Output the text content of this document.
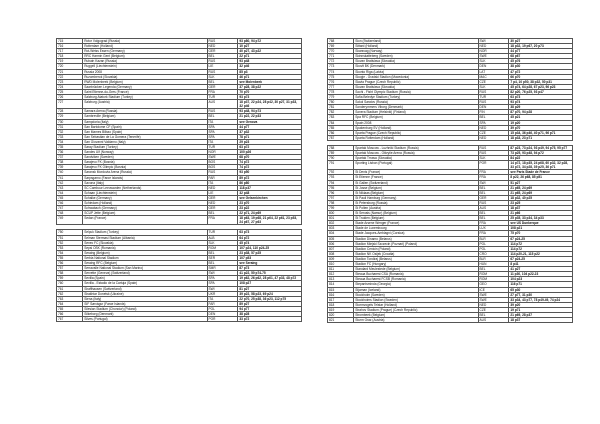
715	Rotor Volgograd (Russia)	RUS	93 p80, 94 p72
716	Rotterdam (Holland)	NED	10 p27
717	Rot-Weiss Essen (Germany)	GER	40 p27, 43 p22
718	RRC Harmin Gent (Belgium)	BEL	22 p71
719	Rubain Kazan (Russia)	RUS	93 p48
720	Ruggell (Liechtenstein)	LIE	32 p46
721	Russia 2008	RUS	85 p3
722	Ruzomberok (Slovakia)	SLK	46 p71
723	RWD Molenbeek (Belgium)	BEL	see Molenbeek
724	Saarbrücken Legenda (Germany)	GER	37 p28, 38 p22
725	Saint Etienne-du-Gres (France)	FRA	70 p70
726	Salzburg Ataturk Stadium (Turkey)	TUR	93 p73
727	Salzburg (Austria)	AUS	18 p37, 22 p24, 28 p42, 30 p27, 31 p33, 32 p46
728	Samara Arena (Russia)	RUS	93 p48, 94 p73
729	Sambreville (Belgium)	BEL	21 p22, 22 p33
730	Sampdoria (Italy)	ITA	see Genova
731	San Bartolome CF (Spain)	SPA	44 p77
732	San Mames Bilbao (Spain)	SPA	37 p32
733	San Sebastian de La Gomera (Tenerife)	SPA	78 p71
734	San Giovanni Valdarno (Italy)	ITA	29 p23
735	Saray Stadium (Turkey)	TUR	63 p72
736	Sandes Ulf (Norway)	NOR	100 p26
737	Sandviken (Sweden)	SWE	68 p70
738	Sarajevo FK (Bosnia)	BOS	74 p72
739	Sarajevo FK Olimpic (Bosnia)	BOS	74 p72
740	Saransk Mordovia Arena (Russia)	RUS	93 p50
741	Sarpsgarno (Faroe Islands)	FAR	89 p72
742	Savona (Italy)	ITA	86 p80
743	SC Cambuur Leeuwarden (Netherlands)	NED	118 p37
744	Schaan (Liechtenstein)	LIE	32 p48
745	Schalke (Germany)	GER	see Gelsenkirchen
746	Schiedam (Holland)	NED	23 p70
747	Schwabach (Germany)	GER	23 p22
748	SCUP Jette (Belgium)	BEL	22 p71, 24 p69
749	Sedan (France)	FRA	18 p63, 19 p68, 21 p64, 22 p61, 23 p53, 24 p67, 27 p63

750	Selçuk Stadium (Turkey)	TUR	63 p73
751	Selman Stermasi Stadium (Albania)	ALB	64 p72
752	Senec FC (Slovakia)	SLK	45 p74
753	Sepsi OSK (Romania)	ROM	107 p24, 110 p24-25
754	Seraing (Belgium)	BEL	23 p38, 57 p25
755	Serbia National Stadium	SER	107 p53
756	Seraing RFC (Belgium)	BEL	see Seraing
757	Serravalle National Stadium (San Marino)	SMR	87 p73
758	Servette (Geneva) (Switzerland)	SWI	41 p22, 50 p74-75
759	Sevilla (Spain)	SPA	19 p62, 26 p62, 28 p61, 47 p33, 48 p72
760	Sevilla - Estadio de la Cartuja (Spain)	SPA	108 p27
761	Shaffhausen (Switzerland)	SWI	81 p27
762	Shakhtar Donetsk (Ukraine)	UKR	39 p22, 58 p23, 69 p24
763	Siena (Italy)	ITA	22 p70, 25 p38, 36 p23, 112 p75
764	SIF Sørvágur (Faroe Islands)	FAR	89 p27
765	Silesian Stadium (Chorzów) (Poland)	POL	94 p77
766	Silkeborg (Denmark)	DEN	38 p28
767	Silves (Portugal)	POR	33 p72
768	Sion (Switzerland)	SWI	30 p27
769	Sittard (Holland)	NED	18 p32, 19 p67, 20 p73
770	Skarsvag (Norway)	NOR	44 p77
771	Skinnskatteberg (Sweden)	SWE	68 p67
772	Slovan Bratislava (Slovakia)	SLK	45 p76
773	Skovlt BK (Denmark)	DEN	38 p30
774	Skonto Riga (Latvia)	LAT	47 p72
775	Skopje - Gradski Stadion (Macedonia)	MAC	66 p70
776	Slavia Prague (Czech Republic)	CZE	7 p4, 10 p50, 38 p32, 50 p31
777	Slovan Bratislava (Slovakia)	SLK	45 p74, 64 p28, 67 p23, 96 p23
778	Sochi - Fisht Olympic Stadium (Russia)	RUS	82 p20, 76 p25, 93 p47
779	Sofia Beledye Stadium (Turkey)	TUR	63 p73
780	Sokol Saratov (Russia)	RUS	93 p74
781	Sonderymmers Viborg (Denmark)	DEN	38 p29
782	Sonera Stadium (Helsinki) (Finland)	FIN	87 p70, 94 p28
783	Spa RFC (Belgium)	BEL	45 p21
784	Spain 2008	SPA	19 p20
785	Spakenburg SV (Holland)	NED	39 p70
786	Sparta Prague (Czech Republic)	CZE	15 p34, 36 p46, 40 p71, 96 p71
787	Sparta Rotterdam (Holland)	NED	18 p33, 23 p71

788	Spartak Moscow - Luzhniki Stadium (Russia)	RUS	87 p23, 73 p24, 93 p49, 94 p75, 95 p77
789	Spartak Moscow - Otkrytie Arena (Russia)	RUS	73 p25, 93 p48, 94 p72
790	Spartak Trnava (Slovakia)	SLK	84 p22
791	Sporting Lisbon (Portugal)	POR	14 p72, 18 p35, 24 p68, 60 p32, 32 p28, 33 p72, 34 p28, 39 p25, 36 p71
792	St Denis (France)	FRA	see Paris Stade de France
793	St Etienne (France)	FRA	8 p22, 26 p68, 85 p51
794	St Gallen (Switzerland)	SWI	51 p27
795	St Josse (Belgium)	BEL	21 p65, 24 p69
796	St Niklaas (Belgium)	BEL	21 p65, 24 p69
797	St Pauli Hamburg (Germany)	GER	18 p32, 40 p25
798	St Petersburg (Russia)	RUS	23 p25
799	St Polten (Austria)	AUS	18 p37
800	St Servais (Namur) (Belgium)	BEL	21 p66
801	St Truiden (Belgium)	BEL	25 p35, 33 p34, 34 p33
802	Stade Arsene Wenger (France)	FRA	see US Dunkerque
803	Stade de Luxembourg	LUX	108 p21
804	Stade Jacques-Amblagni (Corsica)	FRA	75 p70
805	Stadion Dinamo (Belarus)	BLR	67 p24-25
806	Stadion Miejski Szczecin (Poznań) (Poland)	POL	114 p72
807	Stadion Cenicin (Poland)	POL	114 p72
808	Stadion NK Osijek (Croatia)	CRO	114 p20-21, 115 p22
809	Stadion Tondiraj (Belarus)	BLR	67 p24-25
810	Stadion FC (Hungary)	HUN	8 p41
811	Standard Meulestede (Belgium)	BEL	41 p27
812	Steaua Bucharest CSA (Romania)	ROM	11 p30, 104 p22-23
813	Steaua Bucharest FCSB (Romania)	ROM	104 p23
814	Stepantsminda (Georgia)	GEO	116 p71
815	Stjarnan (Iceland)	ICE	65 p30
816	Stockholm (Sweden)	SWE	27 p77, 31 p30
817	Stockholms Stadion (Sweden)	SWE	33 p34, 43 p77, 78 p49-49, 74 p24
818	Stormvogels Telstar (Holland)	NED	39 p20
819	Strahov Stadium (Prague) (Czech Republic)	CZE	19 p71
820	Strombeek (Belgium)	BEL	21 p69, 28 p37
821	Sturm Graz (Austria)	AUS	18 p37
